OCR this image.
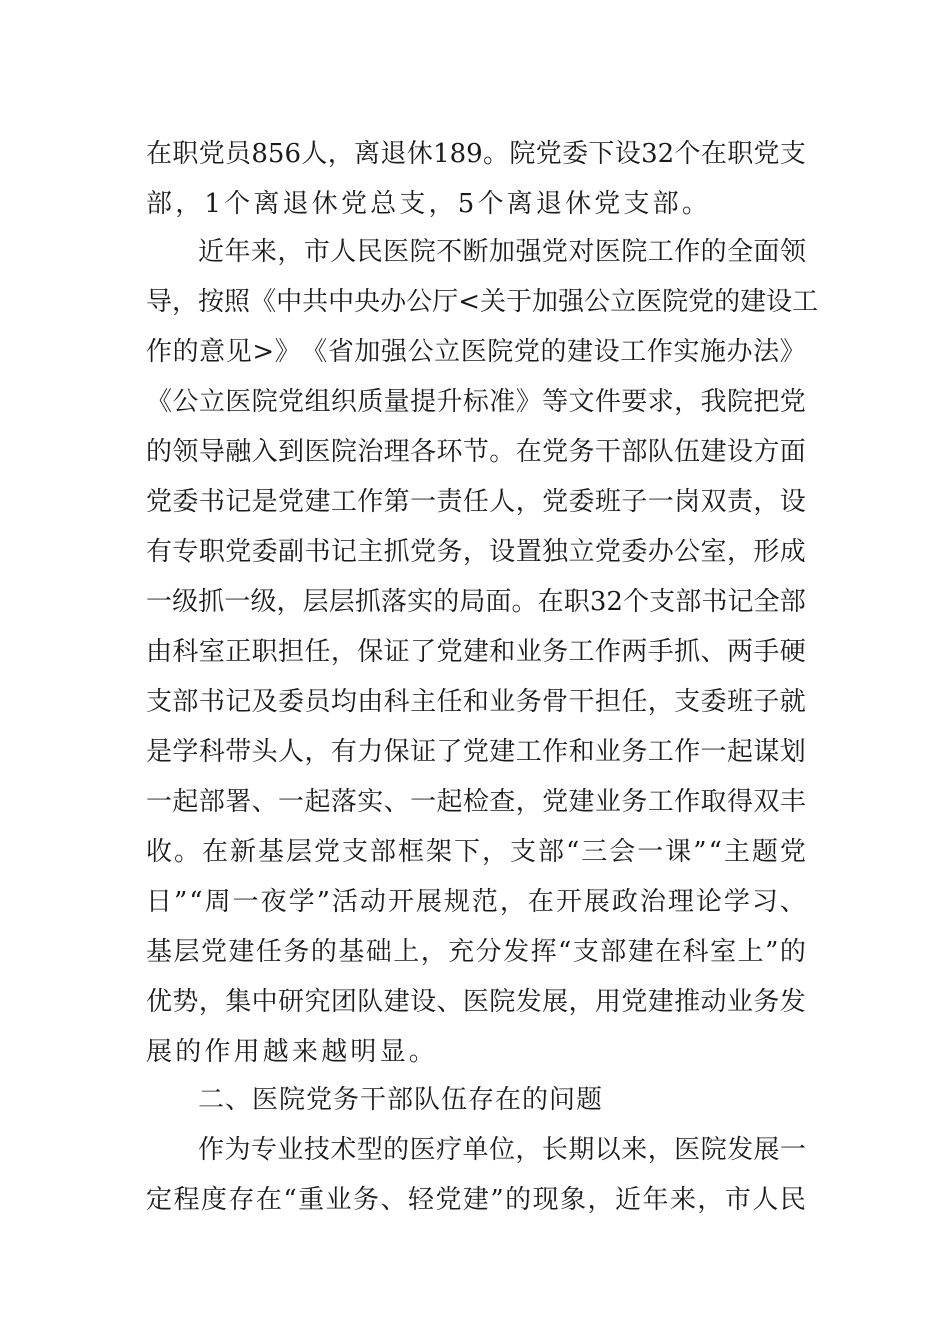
在 职 党 员 856 人 ， 离 退 休 189 。 院 党 委 下 设 32 个 在 职 党 支
部，1个离退休党总支，5个离退休党支部。
近 年 来 ， 市 人 民 医 院 不 断 加 强 党 对 医 院 工 作 的 全 面 领
导 ， 按 照 《 中 共 中 央 办 公 厅 < 关 于 加 强 公 立 医 院 党 的 建 设 工
作 的 意 见 > 》 《 省 加 强 公 立 医 院 党 的 建 设 工 作 实 施 办 法 》
《 公 立 医 院 党 组 织 质 量 提 升 标 准 》 等 文 件 要 求 ， 我 院 把 党
的 领 导 融 入 到 医 院 治 理 各 环 节 。 在 党 务 干 部 队 伍 建 设 方 面
党 委 书 记 是 党 建 工 作 第 一 责 任 人 ， 党 委 班 子 一 岗 双 责 ， 设
有 专 职 党 委 副 书 记 主 抓 党 务 ， 设 置 独 立 党 委 办 公 室 ， 形 成
一 级 抓 一 级 ， 层 层 抓 落 实 的 局 面 。 在 职 32 个 支 部 书 记 全 部
由 科 室 正 职 担 任 ， 保 证 了 党 建 和 业 务 工 作 两 手 抓 、 两 手 硬
支 部 书 记 及 委 员 均 由 科 主 任 和 业 务 骨 干 担 任 ， 支 委 班 子 就
是 学 科 带 头 人 ， 有 力 保 证 了 党 建 工 作 和 业 务 工 作 一 起 谋 划
一 起 部 署 、 一 起 落 实 、 一 起 检 查 ， 党 建 业 务 工 作 取 得 双 丰
收 。 在 新 基 层 党 支 部 框 架 下 ， 支 部 “ 三 会 一 课 ” “ 主 题 党
日 ” “ 周 一 夜 学 ” 活 动 开 展 规 范 ， 在 开 展 政 治 理 论 学 习 、
基 层 党 建 任 务 的 基 础 上 ， 充 分 发 挥 “ 支 部 建 在 科 室 上 ” 的
优 势 ， 集 中 研 究 团 队 建 设 、 医 院 发 展 ， 用 党 建 推 动 业 务 发
展的作用越来越明显。
二、医院党务干部队伍存在的问题
作 为 专 业 技 术 型 的 医 疗 单 位 ， 长 期 以 来 ， 医 院 发 展 一
定 程 度 存 在 “ 重 业 务 、 轻 党 建 ” 的 现 象 ， 近 年 来 ， 市 人 民
